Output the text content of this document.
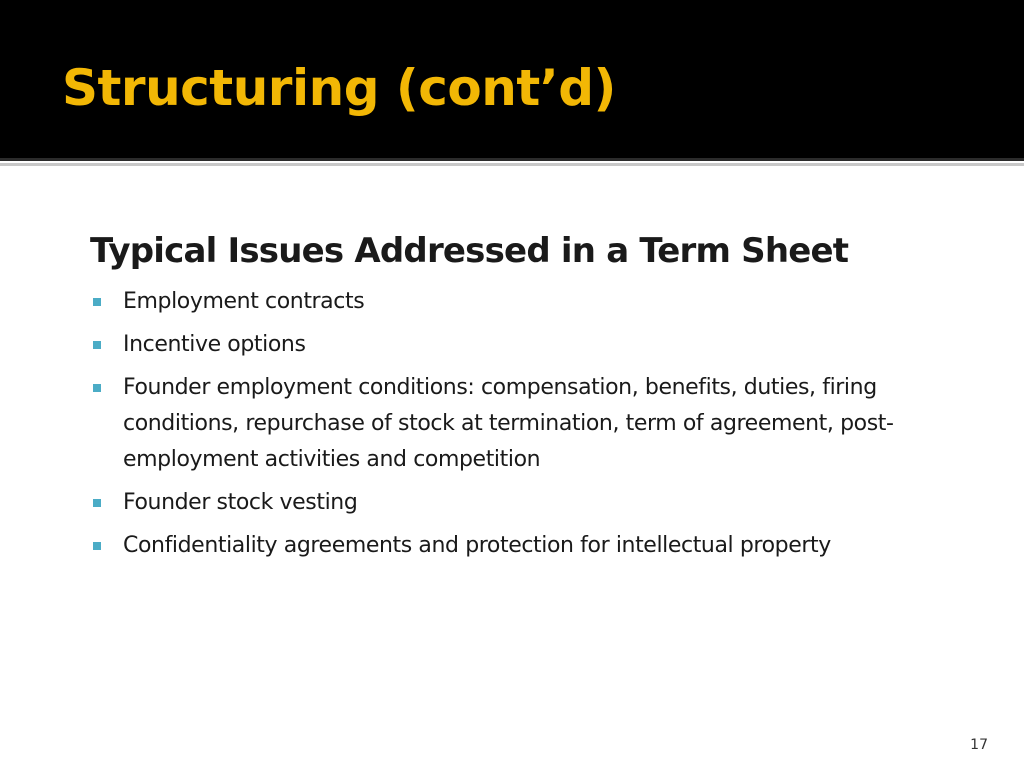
Structuring (cont’d)
Typical Issues Addressed in a Term Sheet
Employment contracts
Incentive options
Founder employment conditions: compensation, benefits, duties, firing conditions, repurchase of stock at termination, term of agreement, post-employment activities and competition
Founder stock vesting
Confidentiality agreements and protection for intellectual property
17
